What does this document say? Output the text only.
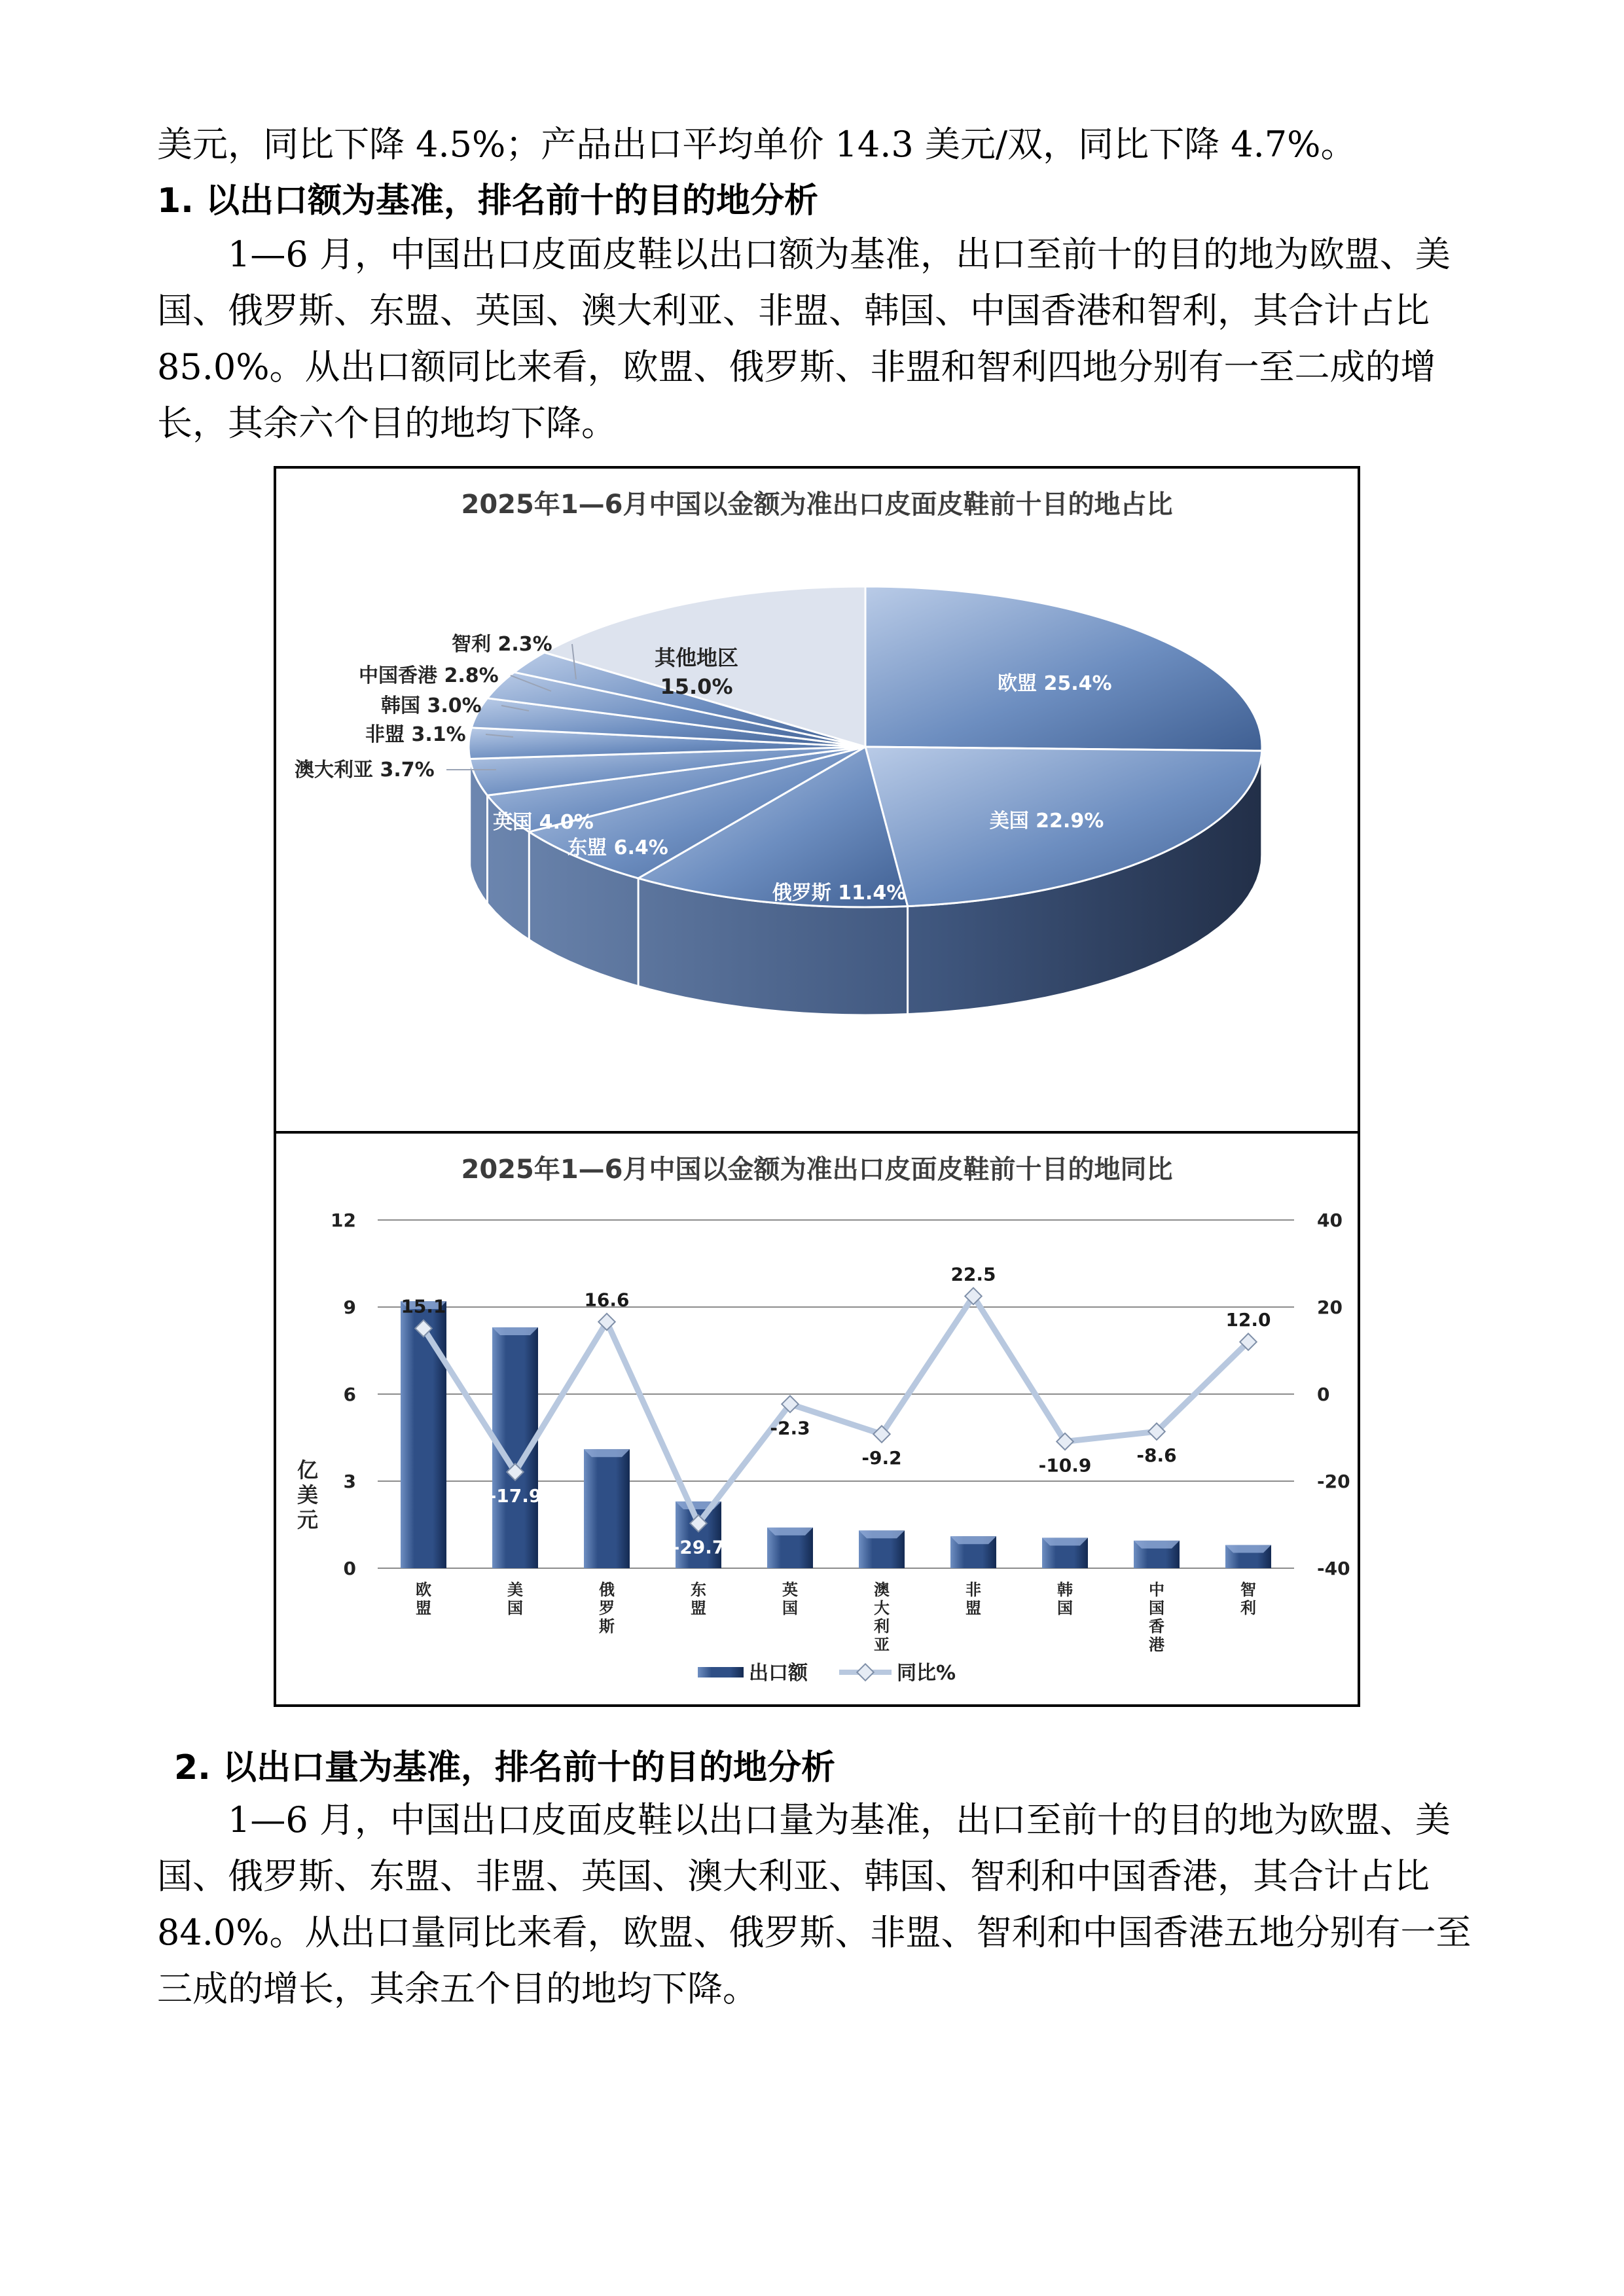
美元，同比下降 4.5%；产品出口平均单价 14.3 美元/双，同比下降 4.7%。

1. 以出口额为基准，排名前十的目的地分析

1—6 月，中国出口皮面皮鞋以出口额为基准，出口至前十的目的地为欧盟、美国、俄罗斯、东盟、英国、澳大利亚、非盟、韩国、中国香港和智利，其合计占比 85.0%。从出口额同比来看，欧盟、俄罗斯、非盟和智利四地分别有一至二成的增长，其余六个目的地均下降。

2025年1—6月中国以金额为准出口皮面皮鞋前十目的地占比
欧盟 25.4%
美国 22.9%
俄罗斯 11.4%
东盟 6.4%
英国 4.0%
澳大利亚 3.7%
非盟 3.1%
韩国 3.0%
中国香港 2.8%
智利 2.3%
其他地区
15.0%
2025年1—6月中国以金额为准出口皮面皮鞋前十目的地同比
0
3
6
9
12
-40
-20
0
20
40
亿
美
元
欧
盟
美
国
俄
罗
斯
东
盟
英
国
澳
大
利
亚
非
盟
韩
国
中
国
香
港
智
利
15.1
-17.9
16.6
-29.7
-2.3
-9.2
22.5
-10.9 -8.6
12.0
出口额	同比%
2. 以出口量为基准，排名前十的目的地分析

1—6 月，中国出口皮面皮鞋以出口量为基准，出口至前十的目的地为欧盟、美国、俄罗斯、东盟、非盟、英国、澳大利亚、韩国、智利和中国香港，其合计占比 84.0%。从出口量同比来看，欧盟、俄罗斯、非盟、智利和中国香港五地分别有一至三成的增长，其余五个目的地均下降。
